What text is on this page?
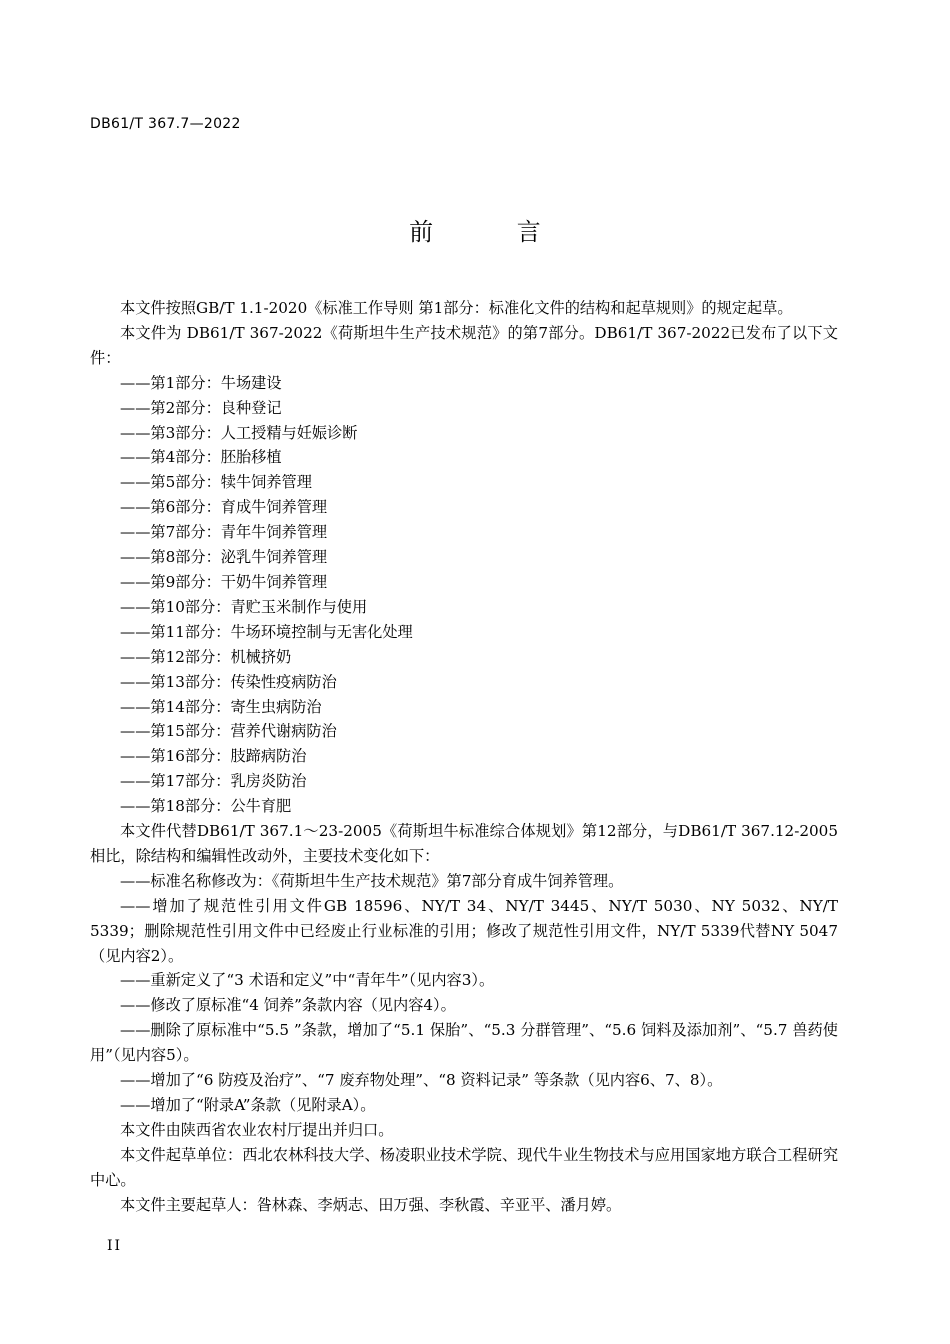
DB61/T 367.7—2022
前 言

本文件按照GB/T 1.1-2020《标准工作导则 第1部分：标准化文件的结构和起草规则》的规定起草。

本文件为 DB61/T 367-2022《荷斯坦牛生产技术规范》的第7部分。DB61/T 367-2022已发布了以下文件：

——第1部分：牛场建设
——第2部分：良种登记
——第3部分：人工授精与妊娠诊断
——第4部分：胚胎移植
——第5部分：犊牛饲养管理
——第6部分：育成牛饲养管理
——第7部分：青年牛饲养管理
——第8部分：泌乳牛饲养管理
——第9部分：干奶牛饲养管理
——第10部分：青贮玉米制作与使用
——第11部分：牛场环境控制与无害化处理
——第12部分：机械挤奶
——第13部分：传染性疫病防治
——第14部分：寄生虫病防治
——第15部分：营养代谢病防治
——第16部分：肢蹄病防治
——第17部分：乳房炎防治
——第18部分：公牛育肥

本文件代替DB61/T 367.1～23-2005《荷斯坦牛标准综合体规划》第12部分，与DB61/T 367.12-2005相比，除结构和编辑性改动外，主要技术变化如下：

——标准名称修改为：《荷斯坦牛生产技术规范》第7部分育成牛饲养管理。

——增加了规范性引用文件GB 18596、NY/T 34、NY/T 3445、NY/T 5030、NY 5032、NY/T 5339；删除规范性引用文件中已经废止行业标准的引用；修改了规范性引用文件，NY/T 5339代替NY 5047（见内容2）。

——重新定义了“3 术语和定义”中“青年牛”（见内容3）。

——修改了原标准“4 饲养”条款内容（见内容4）。

——删除了原标准中“5.5 ”条款，增加了“5.1 保胎”、“5.3 分群管理”、“5.6 饲料及添加剂”、“5.7 兽药使用”（见内容5）。

——增加了“6 防疫及治疗”、“7 废弃物处理”、“8 资料记录” 等条款（见内容6、7、8）。

——增加了“附录A”条款（见附录A）。

本文件由陕西省农业农村厅提出并归口。

本文件起草单位：西北农林科技大学、杨凌职业技术学院、现代牛业生物技术与应用国家地方联合工程研究中心。

本文件主要起草人：昝林森、李炳志、田万强、李秋霞、辛亚平、潘月婷。

II
